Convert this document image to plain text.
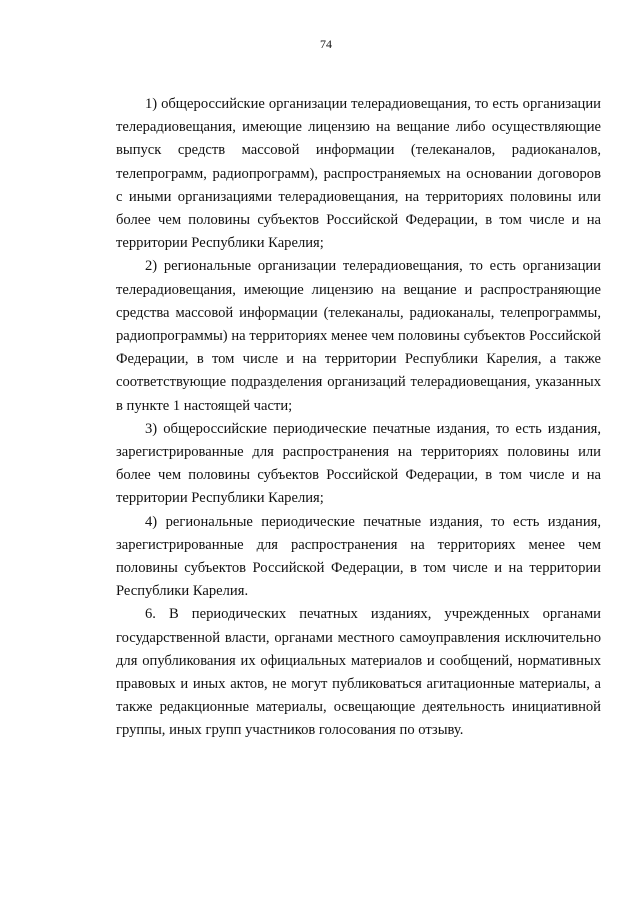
74

1) общероссийские организации телерадиовещания, то есть организации телерадиовещания, имеющие лицензию на вещание либо осуществляющие выпуск средств массовой информации (телеканалов, радиоканалов, телепрограмм, радиопрограмм), распространяемых на основании договоров с иными организациями телерадиовещания, на территориях половины или более чем половины субъектов Российской Федерации, в том числе и на территории Республики Карелия;

2) региональные организации телерадиовещания, то есть организации телерадиовещания, имеющие лицензию на вещание и распространяющие средства массовой информации (телеканалы, радиоканалы, телепрограммы, радиопрограммы) на территориях менее чем половины субъектов Российской Федерации, в том числе и на территории Республики Карелия, а также соответствующие подразделения организаций телерадиовещания, указанных в пункте 1 настоящей части;

3) общероссийские периодические печатные издания, то есть издания, зарегистрированные для распространения на территориях половины или более чем половины субъектов Российской Федерации, в том числе и на территории Республики Карелия;

4) региональные периодические печатные издания, то есть издания, зарегистрированные для распространения на территориях менее чем половины субъектов Российской Федерации, в том числе и на территории Республики Карелия.

6. В периодических печатных изданиях, учрежденных органами государственной власти, органами местного самоуправления исключительно для опубликования их официальных материалов и сообщений, нормативных правовых и иных актов, не могут публиковаться агитационные материалы, а также редакционные материалы, освещающие деятельность инициативной группы, иных групп участников голосования по отзыву.
